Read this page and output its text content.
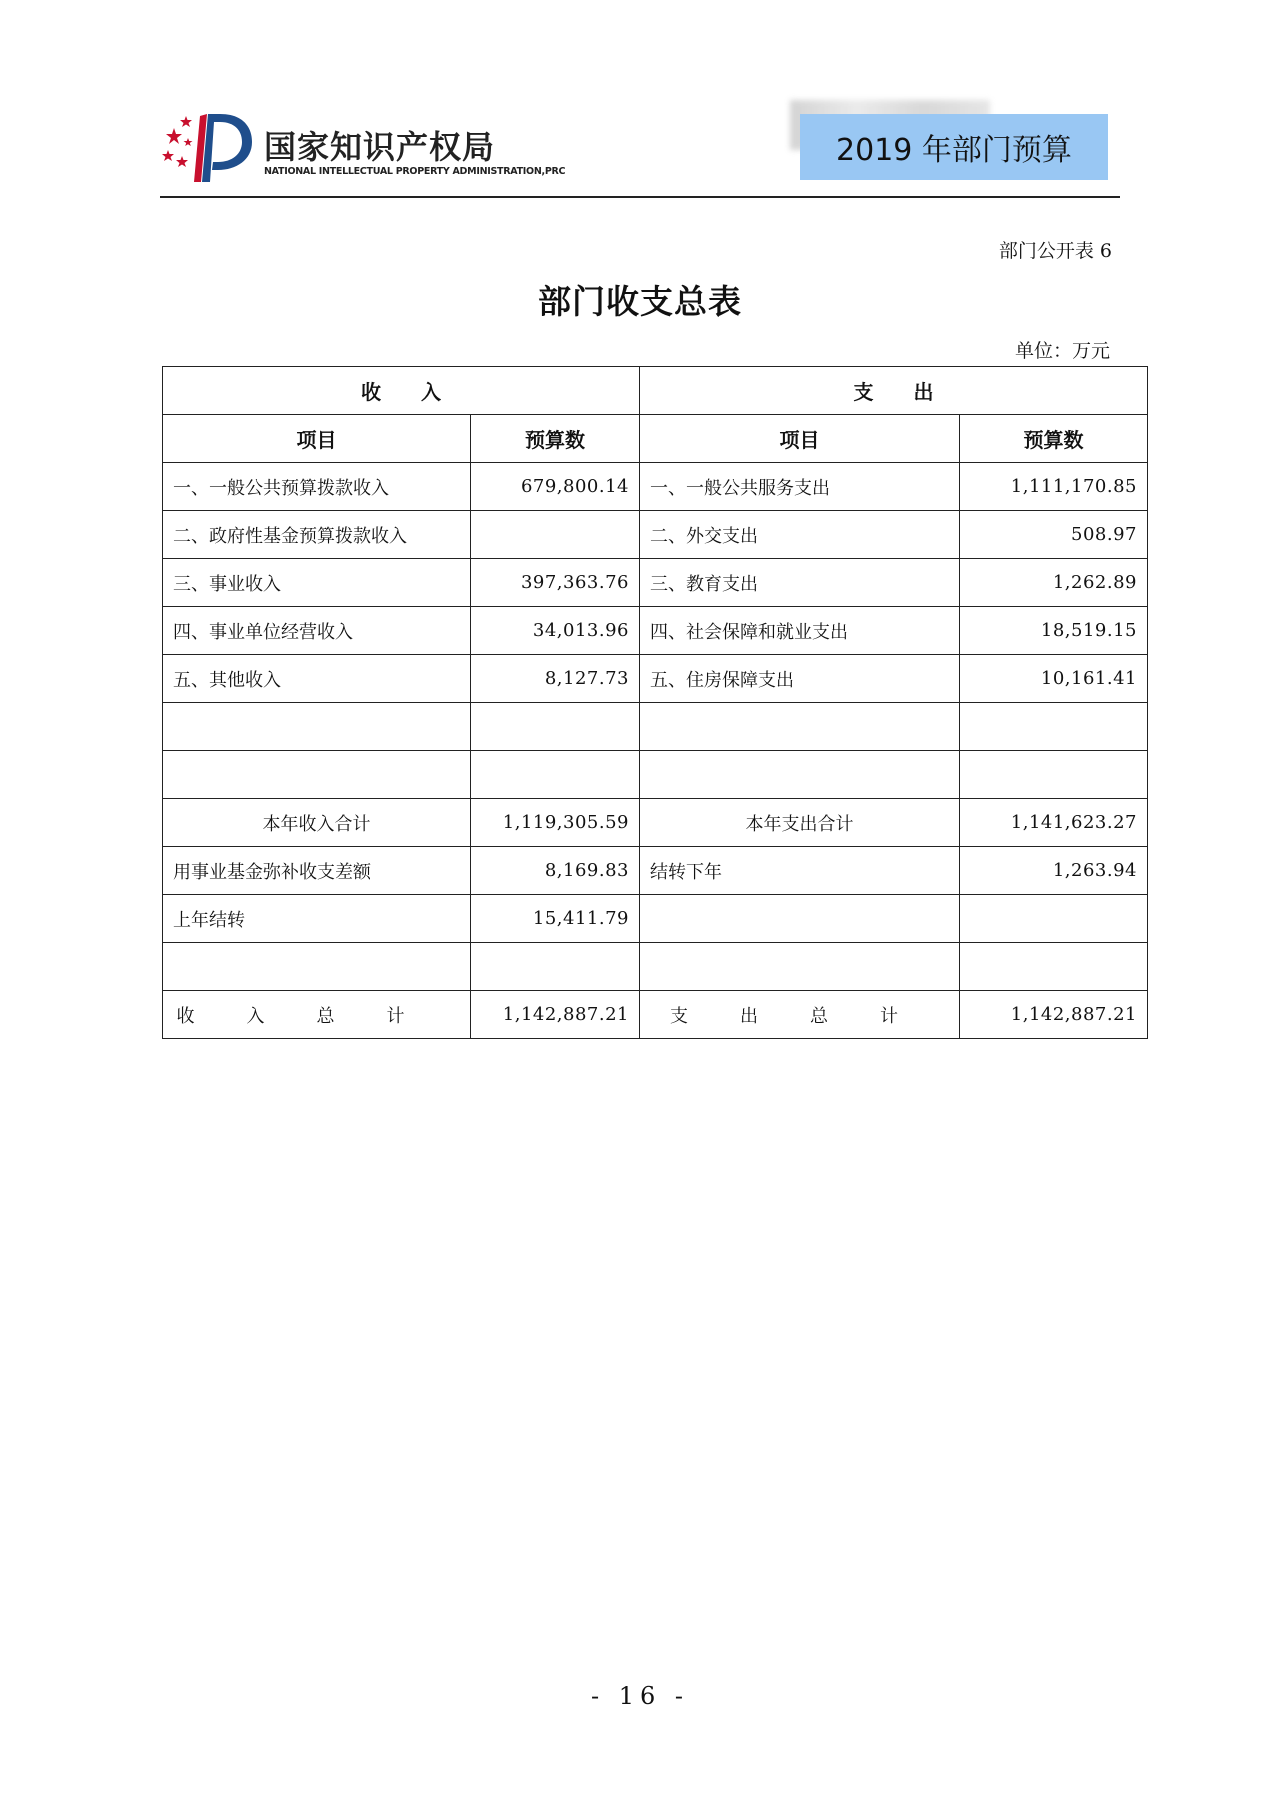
国家知识产权局
NATIONAL INTELLECTUAL PROPERTY ADMINISTRATION,PRC
2019 年部门预算
部门公开表 6
部门收支总表
单位：万元
收　　入		支　　出	
项目	预算数	项目	预算数
一、一般公共预算拨款收入	679,800.14	一、一般公共服务支出	1,111,170.85
二、政府性基金预算拨款收入		二、外交支出	508.97
三、事业收入	397,363.76	三、教育支出	1,262.89
四、事业单位经营收入	34,013.96	四、社会保障和就业支出	18,519.15
五、其他收入	8,127.73	五、住房保障支出	10,161.41

本年收入合计	1,119,305.59	本年支出合计	1,141,623.27
用事业基金弥补收支差额	8,169.83	结转下年	1,263.94
上年结转	15,411.79		

收入总计	1,142,887.21	支出总计	1,142,887.21
- 16 -
